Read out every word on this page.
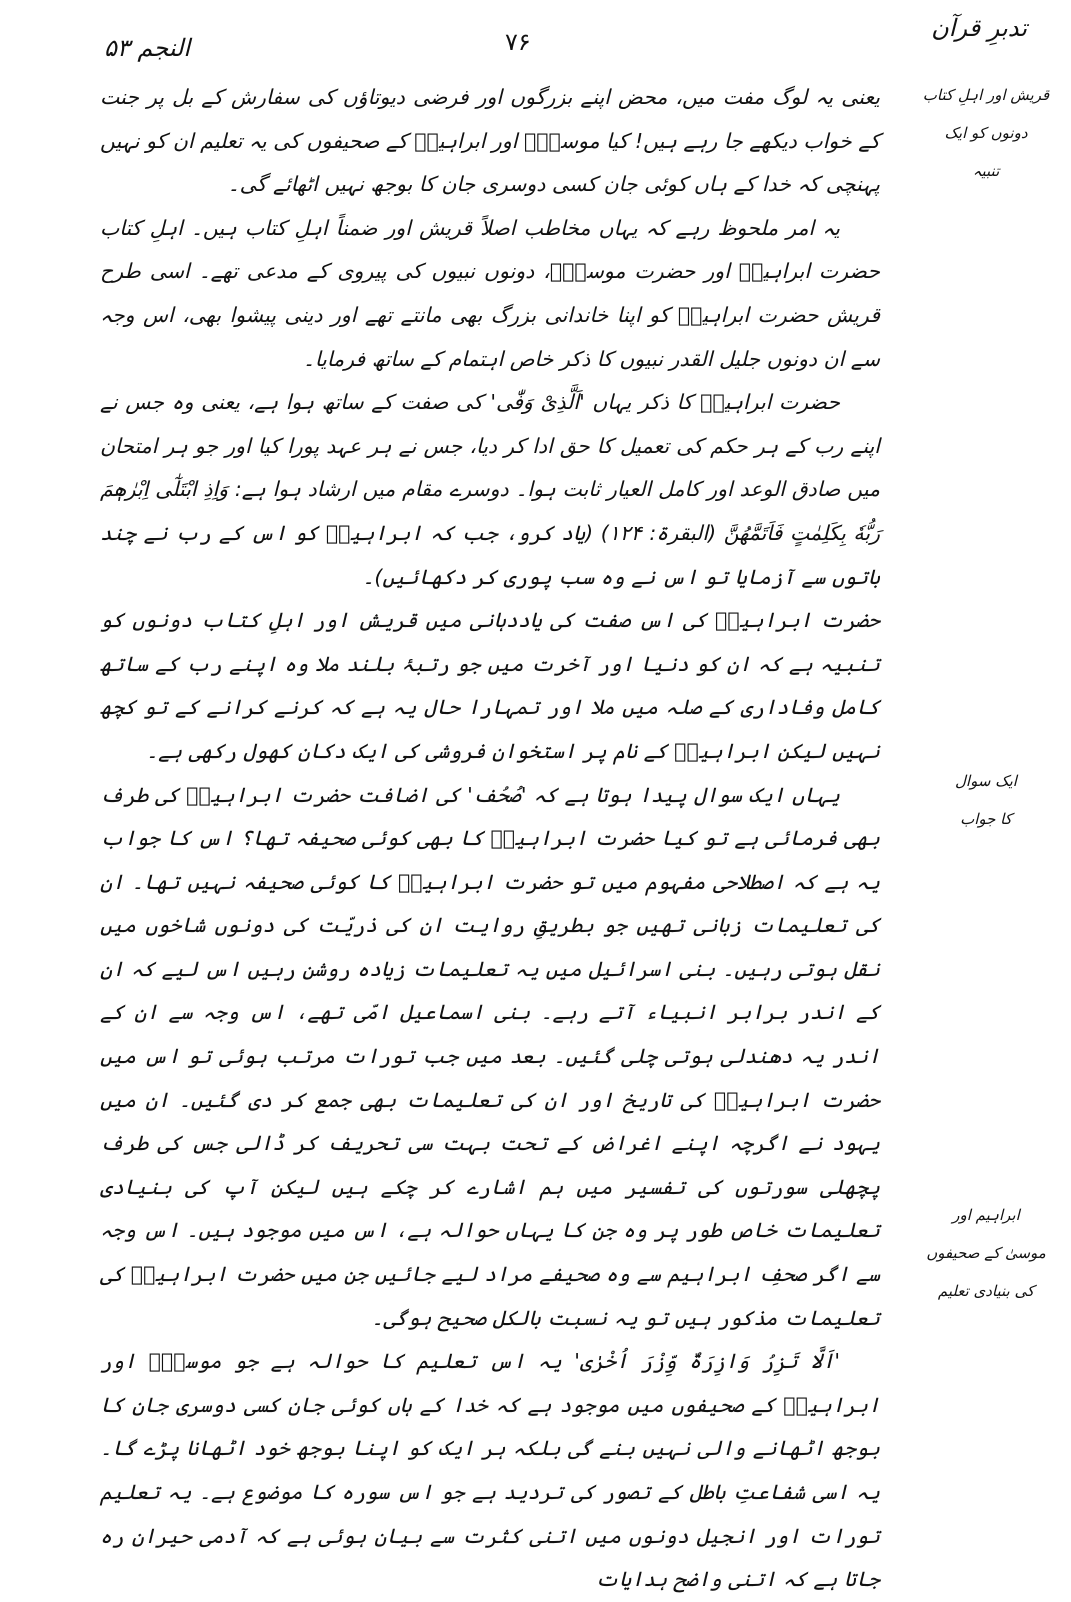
تدبرِ قرآن
۷۶
النجم ۵۳
قریش اور اہلِ کتاب
دونوں کو ایک
تنبیہ
ایک سوال
کا جواب
ابراہیم اور
موسیٰ کے صحیفوں
کی بنیادی تعلیم

یعنی یہ لوگ مفت میں، محض اپنے بزرگوں اور فرضی دیوتاؤں کی سفارش کے بل پر جنت کے خواب دیکھے جا رہے ہیں! کیا موسیٰؑ اور ابراہیمؑ کے صحیفوں کی یہ تعلیم ان کو نہیں پہنچی کہ خدا کے ہاں کوئی جان کسی دوسری جان کا بوجھ نہیں اٹھائے گی۔

یہ امر ملحوظ رہے کہ یہاں مخاطب اصلاً قریش اور ضمناً اہلِ کتاب ہیں۔ اہلِ کتاب حضرت ابراہیمؑ اور حضرت موسیٰؑ، دونوں نبیوں کی پیروی کے مدعی تھے۔ اسی طرح قریش حضرت ابراہیمؑ کو اپنا خاندانی بزرگ بھی مانتے تھے اور دینی پیشوا بھی، اس وجہ سے ان دونوں جلیل القدر نبیوں کا ذکر خاص اہتمام کے ساتھ فرمایا۔

حضرت ابراہیمؑ کا ذکر یہاں 'اَلَّذِیْ وَفّٰی' کی صفت کے ساتھ ہوا ہے، یعنی وہ جس نے اپنے رب کے ہر حکم کی تعمیل کا حق ادا کر دیا، جس نے ہر عہد پورا کیا اور جو ہر امتحان میں صادق الوعد اور کامل العیار ثابت ہوا۔ دوسرے مقام میں ارشاد ہوا ہے: وَاِذِ ابْتَلٰٓی اِبْرٰھٖمَ رَبُّهٗ بِكَلِمٰتٍ فَاَتَمَّهُنَّ (البقرۃ: ۱۲۴) (یاد کرو، جب کہ ابراہیمؑ کو اس کے رب نے چند باتوں سے آزمایا تو اس نے وہ سب پوری کر دکھائیں)۔

حضرت ابراہیمؑ کی اس صفت کی یاددہانی میں قریش اور اہلِ کتاب دونوں کو تنبیہ ہے کہ ان کو دنیا اور آخرت میں جو رتبۂ بلند ملا وہ اپنے رب کے ساتھ کامل وفاداری کے صلہ میں ملا اور تمہارا حال یہ ہے کہ کرنے کرانے کے تو کچھ نہیں لیکن ابراہیمؑ کے نام پر استخوان فروشی کی ایک دکان کھول رکھی ہے۔

یہاں ایک سوال پیدا ہوتا ہے کہ 'صُحُف' کی اضافت حضرت ابراہیمؑ کی طرف بھی فرمائی ہے تو کیا حضرت ابراہیمؑ کا بھی کوئی صحیفہ تھا؟ اس کا جواب یہ ہے کہ اصطلاحی مفہوم میں تو حضرت ابراہیمؑ کا کوئی صحیفہ نہیں تھا۔ ان کی تعلیمات زبانی تھیں جو بطریقِ روایت ان کی ذریّت کی دونوں شاخوں میں نقل ہوتی رہیں۔ بنی اسرائیل میں یہ تعلیمات زیادہ روشن رہیں اس لیے کہ ان کے اندر برابر انبیاء آتے رہے۔ بنی اسماعیل امّی تھے، اس وجہ سے ان کے اندر یہ دھندلی ہوتی چلی گئیں۔ بعد میں جب تورات مرتب ہوئی تو اس میں حضرت ابراہیمؑ کی تاریخ اور ان کی تعلیمات بھی جمع کر دی گئیں۔ ان میں یہود نے اگرچہ اپنے اغراض کے تحت بہت سی تحریف کر ڈالی جس کی طرف پچھلی سورتوں کی تفسیر میں ہم اشارے کر چکے ہیں لیکن آپ کی بنیادی تعلیمات خاص طور پر وہ جن کا یہاں حوالہ ہے، اس میں موجود ہیں۔ اس وجہ سے اگر صحفِ ابراہیم سے وہ صحیفے مراد لیے جائیں جن میں حضرت ابراہیمؑ کی تعلیمات مذکور ہیں تو یہ نسبت بالکل صحیح ہوگی۔

'اَلَّا تَزِرُ وَازِرَةٌ وِّزْرَ اُخْرٰی' یہ اس تعلیم کا حوالہ ہے جو موسیٰؑ اور ابراہیمؑ کے صحیفوں میں موجود ہے کہ خدا کے ہاں کوئی جان کسی دوسری جان کا بوجھ اٹھانے والی نہیں بنے گی بلکہ ہر ایک کو اپنا بوجھ خود اٹھانا پڑے گا۔ یہ اسی شفاعتِ باطل کے تصور کی تردید ہے جو اس سورہ کا موضوع ہے۔ یہ تعلیم تورات اور انجیل دونوں میں اتنی کثرت سے بیان ہوئی ہے کہ آدمی حیران رہ جاتا ہے کہ اتنی واضح ہدایات
